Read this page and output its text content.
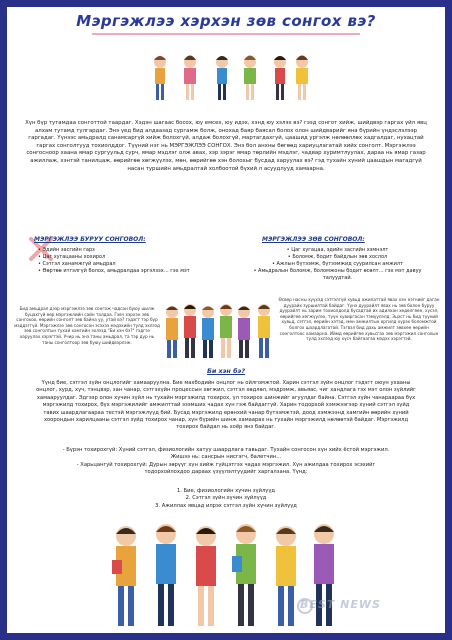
Мэргэжлээ хэрхэн зөв сонгох вэ?
Хүн бүр тутамдаа сонготтой таардаг. Хэдэн шагаас босох, юу емсех, юу идэх, хэнд юу хэлэх вэ? гээд сонгот хийж, шийдвэр гаргах үйл явц алхам тутамд тулгардаг. Энэ үед бид алдаазад сургамж болж, онохад баяр баясал болох олон шийдварийг яна бүрийн үндэслэлээр гаргадаг. Үүнээс амьдралд санамсаргүй хийж болохгүй, алдаж болохгүй, мартагдахгүй, цаашид ургэлж нөлөөллөх хадгалдаг, нухацтай гаргах сонголтууд тохиолддог. Түүний нэг нь МЭРГЭЖЛЭЭ СОНГОХ. Энэ бол анхны бөгөөд хариуцлагатай хийх сонголт. Мэргэжлээ сонгосноор хаана ямар сургуульд сурч, ямар мэдлэг олж авах, хэр зэрэг ямар төрлийн мэдлэг, чадвар хуримтлуулах, дараа нь ямар газар ажиллаж, хэнтэй танилцаж, өөрийгөө хөгжүүлэх, мөн, өөрийгөө хэн болохыг бусдад харуулах вэ? гэд тухайн хүний цаашдын магадгүй насан туршийн амьдралтай холбоотой бүхий л асуудлууд хамаарна.
МЭРГЭЖЛЭЭ БУРУУ СОНГОВОЛ:
• Эдийн засгийн гарз
• Цаг хугацааны хохирол
• Сэтгэл ханамжгүй амьдрал
• Өөртөө итгэлгүй болох, амьдралдаа эргэлзэх… гэх мэт
МЭРГЭЖЛЭЭ ЗӨВ СОНГОВОЛ:
• Цаг хугацаа, эдийн засгийн хэмнэлт
• Боломж, бодит байдлын зөв хослол
• Ажлын бүтээмж, бүтээмжид суурилсан амжилт
• Амьдралын боломж, боломжоны бодит өсөлт… гэх мэт давуу талуудтай.
Бид амьдрал дээр мэргэжлээ зөв сонгож чадсан буюу шилж буцахгүй өөр мэргэжлийн сайн талдаа. Гэвч хэрхэн зөв сонгохоо, өөрийн сонголт зөв байна уу, утай вэ? гэдэгт тэр бүр мэддэггүй. Мэргэжлээ зөв сонгосон эсэхээ мэдэхийн тулд эхлээд зөв сонголтын тухай хамгийн эхлээд "Би хэн бэ?" гэдгээ харуулах хэрэгтэй. Учир нь энэ таны амьдрал, та тэр дүр нь таны сонголтоор зөв буюу шийдвэрлэж.
Өсвөр насны хүүхэд сэтгэлгүй хувьд ажилаттай явах хэн нэгнийг даган дуурайх зуршилтай байдаг. Үүнэ дуурайлт явах нь зөв болон буруу дуурайлт нь зарим тохиолдолд бусадтай их адилхан хөдөлгөөн, хүсэл, өөрийгөө хөгжүүлэх, түүн хувиргасан тэмүүлэлд. Эцэст нь бид түүний хувьд, сэтгэл, өөрийн хэтэд, мөн амжилтын оргилд хүрэх боломжтой болгох шаардлагатай. Тэгвэл бид дахь амжилт зөвхөн өөрийн сонголтоос хамаарна. Иймд өөрийгөө хувьсгах зөв мэргэжил сонгохын тулд эхлээд юу хүсч байгаагаа мэдэх хэрэгтэй.
Би хэн бэ?
Үүнд бие, сэтгэл зүйн онцлогийг хамааруулна. Бие махбодийн онцлог нь ойлгомжтой. Харин сэтгэл зүйн онцлог гэдэгт оюун ухааны онцлог, хурд, хүч, тэнцвэр, зан чанар, сэтгэхүйн процессын хөгжил, сэтгэл хөдлөл, мэдрэмж, авьяас, чиг хандлага гэх мэт олон зүйлийг хамааруулдаг. Эдгээр олон хүчин зүйл нь тухайн мэргэжилд тохирох, үл тохирох шинжийг агуулдаг байна. Сэтгэл зүйн чанараараа бүх мэргэжилд тохирох, бүх мэргэжилийг амжилттай эзэмших чадах хүн гэж байдаггүй. Харин тодорхой хэмжээгээр хүний сэтгэл зүйд тавих шаардлагаараа тестэй мэргэжлүүд бий. Бусад мэргэжилд ерөнхий чанар бүтээмжтэй, доод хэмжээнд хамгийн өөрийн хүний хоорондын харилцааны сэтгэл зүйд тохирох чанар, хүн бүрийн шинж хамаарах нь тухайн мэргэжилд нөлөөтэй байдаг. Мэргэжилд тохирох байдал нь хоёр янз байдаг.
- Бүрэн тохирохгүй: Хүний сэтгэл, физиологийн хатуу шаардлага тавьдаг. Тухайн сонгосон хүн хийх ёстой мэргэжил. Жишээ нь: сансрын нисгэгч, балетчин…
- Харьцангуй тохирохгүй: Дурын зөрүүг хүн хийж гүйцэтгэх чадах мэргэжил. Хүн ажилдаа тохирох эсэхийг тодорхойлохдоо дараах үзүүлэлтүүдийг харгалзана. Үүнд:
1. Бие, физиологийн хүчин зүйлүүд
2. Сэтгэл зүйн хүчин зүйлүүд
3. Ажиллах явцад илрэх сэтгэл зүйн хүчин зүйлүүд
BEST NEWS
